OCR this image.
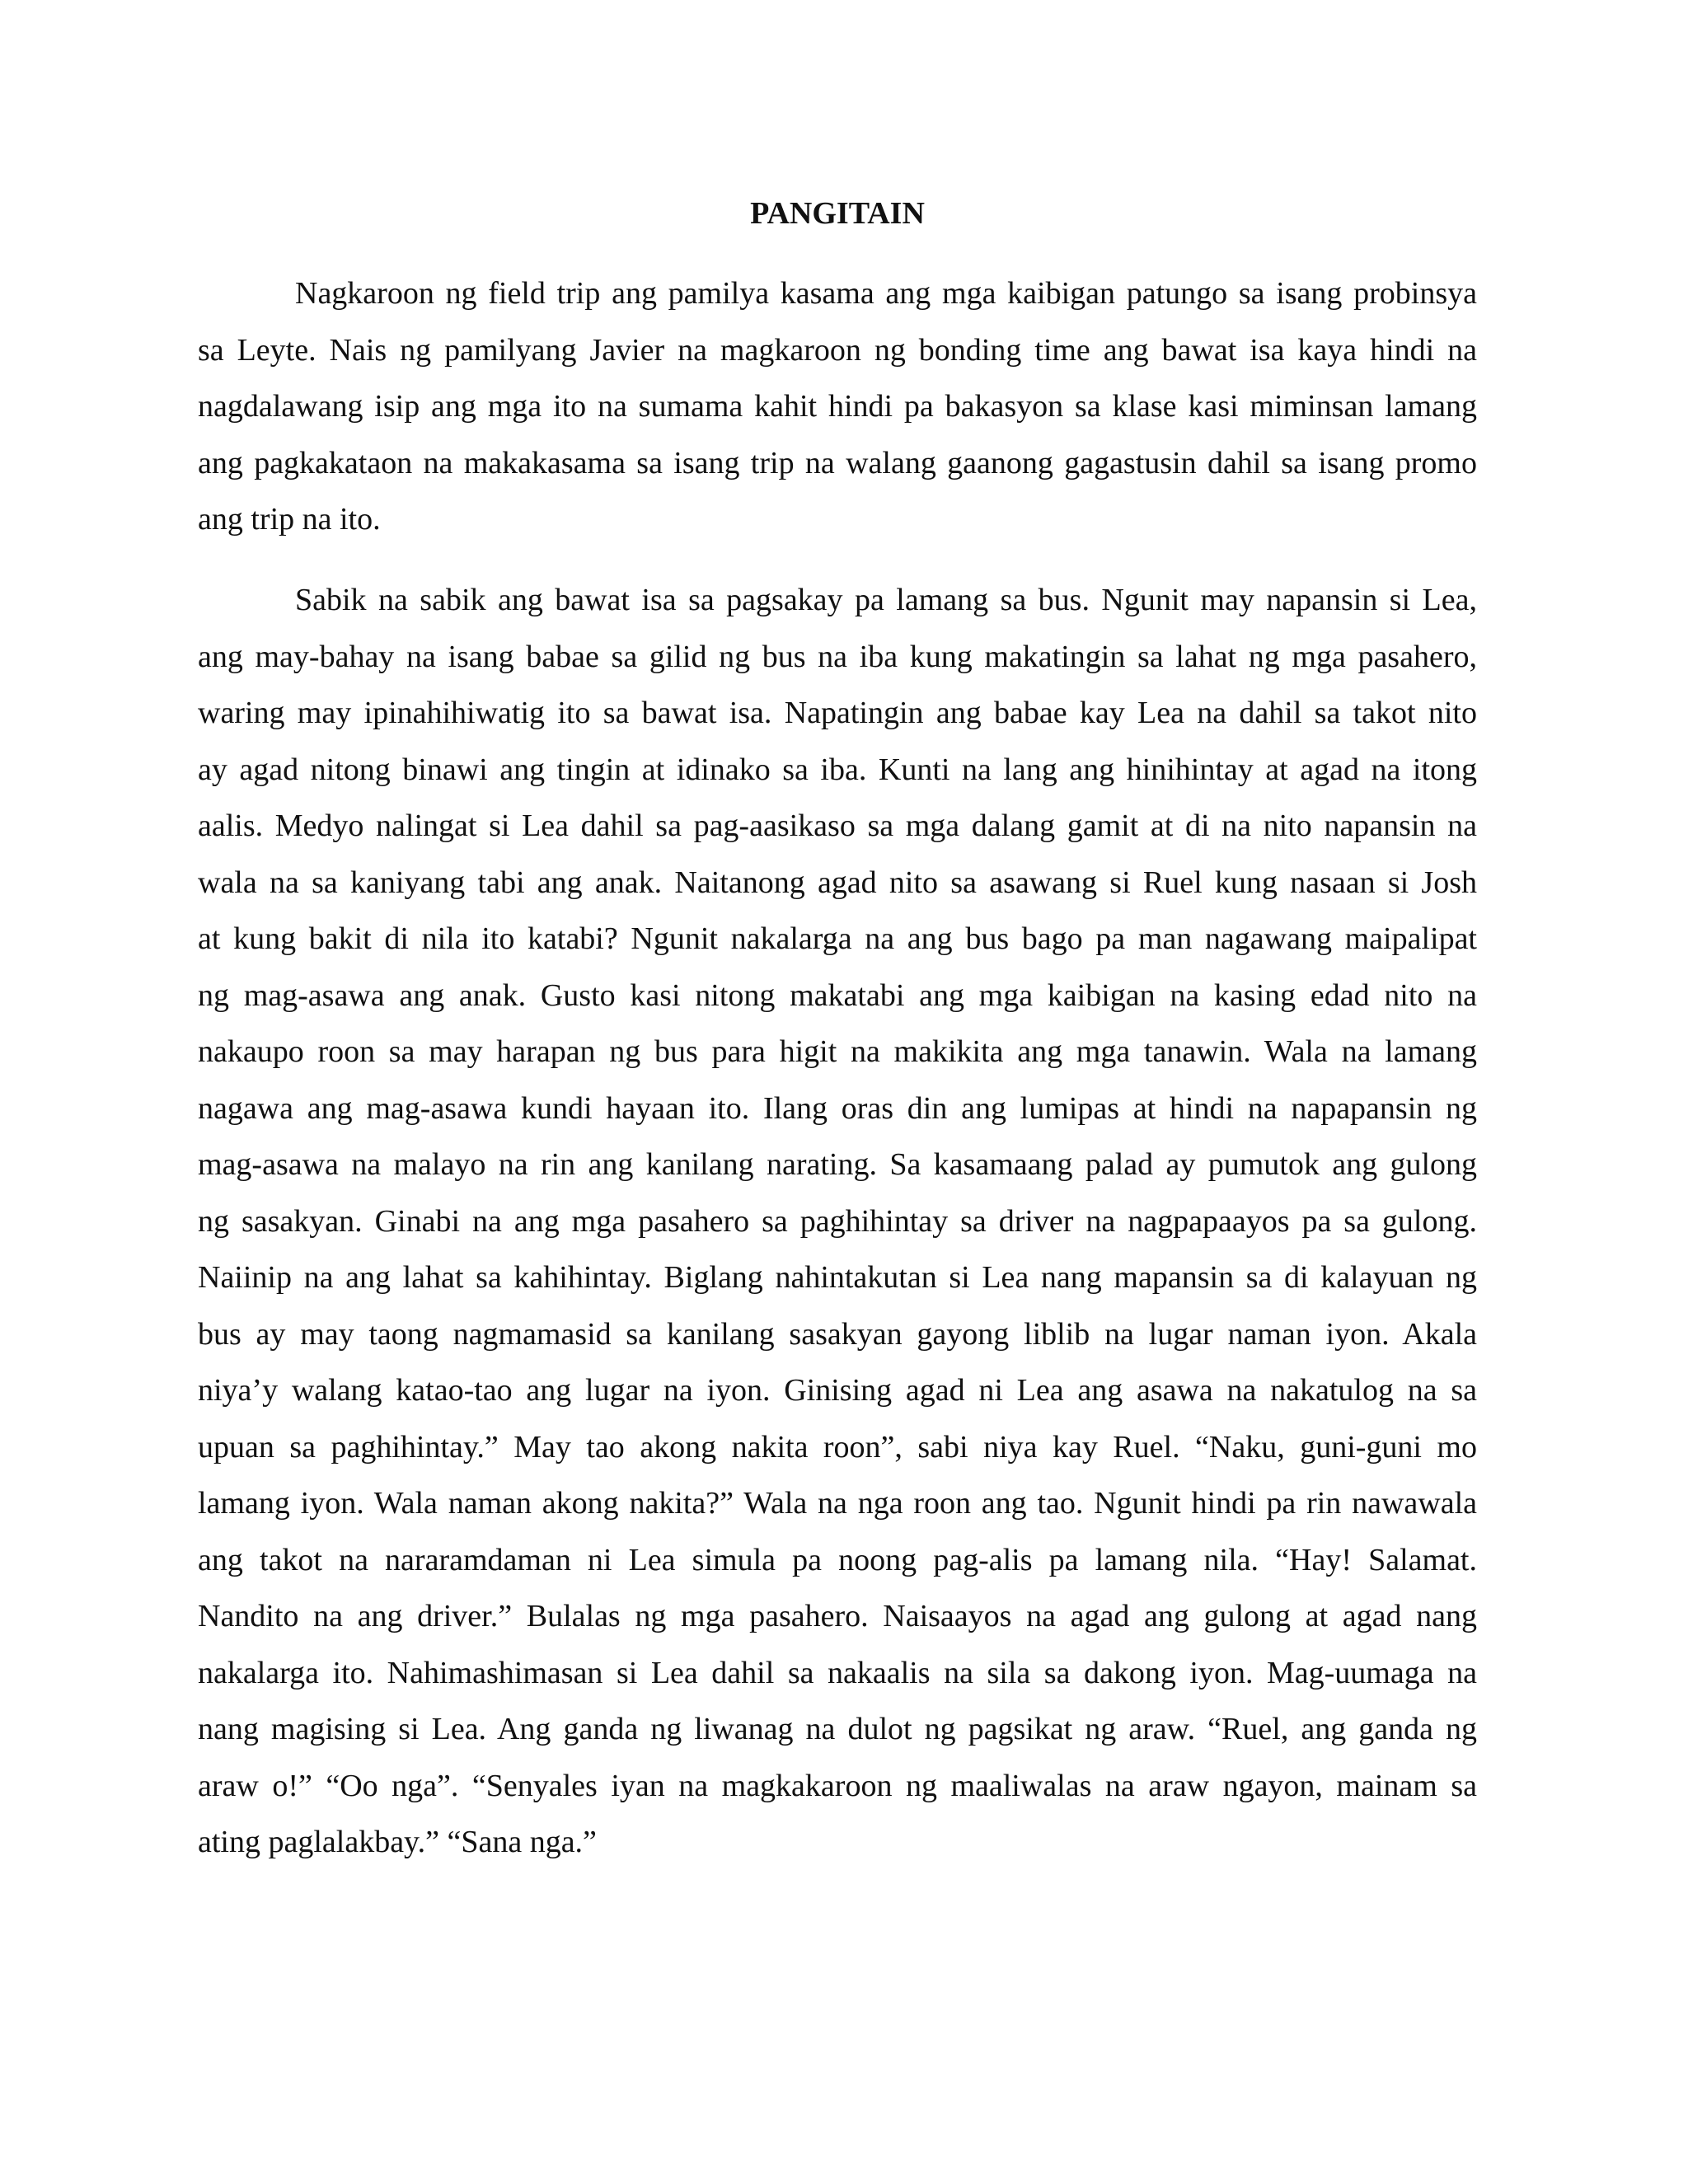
PANGITAIN
Nagkaroon ng field trip ang pamilya kasama ang mga kaibigan patungo sa isang probinsya
sa Leyte. Nais ng pamilyang Javier na magkaroon ng bonding time ang bawat isa kaya hindi na
nagdalawang isip ang mga ito na sumama kahit hindi pa bakasyon sa klase kasi miminsan lamang
ang pagkakataon na makakasama sa isang trip na walang gaanong gagastusin dahil sa isang promo
ang trip na ito.
Sabik na sabik ang bawat isa sa pagsakay pa lamang sa bus. Ngunit may napansin si Lea,
ang may-bahay na isang babae sa gilid ng bus na iba kung makatingin sa lahat ng mga pasahero,
waring may ipinahihiwatig ito sa bawat isa. Napatingin ang babae kay Lea na dahil sa takot nito
ay agad nitong binawi ang tingin at idinako sa iba. Kunti na lang ang hinihintay at agad na itong
aalis. Medyo nalingat si Lea dahil sa pag-aasikaso sa mga dalang gamit at di na nito napansin na
wala na sa kaniyang tabi ang anak. Naitanong agad nito sa asawang si Ruel kung nasaan si Josh
at kung bakit di nila ito katabi? Ngunit nakalarga na ang bus bago pa man nagawang maipalipat
ng mag-asawa ang anak. Gusto kasi nitong makatabi ang mga kaibigan na kasing edad nito na
nakaupo roon sa may harapan ng bus para higit na makikita ang mga tanawin. Wala na lamang
nagawa ang mag-asawa kundi hayaan ito. Ilang oras din ang lumipas at hindi na napapansin ng
mag-asawa na malayo na rin ang kanilang narating. Sa kasamaang palad ay pumutok ang gulong
ng sasakyan. Ginabi na ang mga pasahero sa paghihintay sa driver na nagpapaayos pa sa gulong.
Naiinip na ang lahat sa kahihintay. Biglang nahintakutan si Lea nang mapansin sa di kalayuan ng
bus ay may taong nagmamasid sa kanilang sasakyan gayong liblib na lugar naman iyon. Akala
niya’y walang katao-tao ang lugar na iyon. Ginising agad ni Lea ang asawa na nakatulog na sa
upuan sa paghihintay.” May tao akong nakita roon”, sabi niya kay Ruel. “Naku, guni-guni mo
lamang iyon. Wala naman akong nakita?” Wala na nga roon ang tao. Ngunit hindi pa rin nawawala
ang takot na nararamdaman ni Lea simula pa noong pag-alis pa lamang nila. “Hay! Salamat.
Nandito na ang driver.” Bulalas ng mga pasahero. Naisaayos na agad ang gulong at agad nang
nakalarga ito. Nahimashimasan si Lea dahil sa nakaalis na sila sa dakong iyon. Mag-uumaga na
nang magising si Lea. Ang ganda ng liwanag na dulot ng pagsikat ng araw. “Ruel, ang ganda ng
araw o!” “Oo nga”. “Senyales iyan na magkakaroon ng maaliwalas na araw ngayon, mainam sa
ating paglalakbay.” “Sana nga.”
